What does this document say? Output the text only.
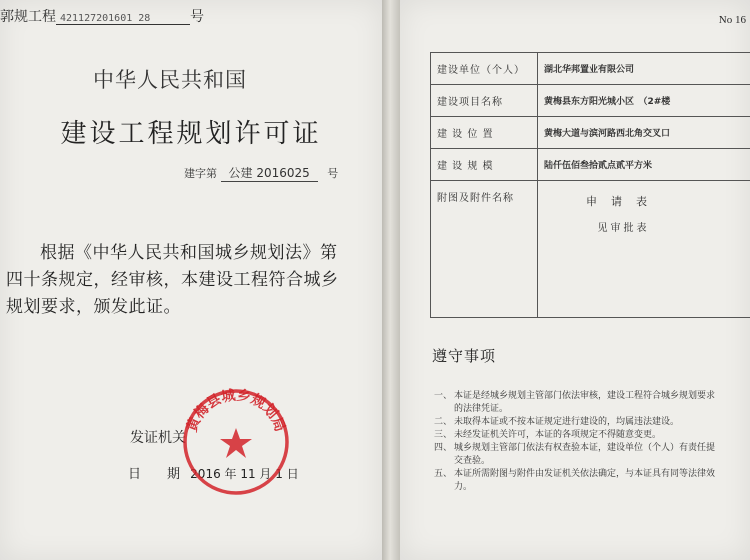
郭规工程 421127201601 28	号
中华人民共和国
建设工程规划许可证
建字第 公建 2016025 号
根据《中华人民共和国城乡规划法》第
四十条规定，经审核，本建设工程符合城乡
规划要求，颁发此证。
发证机关
日 期 2016 年 11 月 1 日
黄梅县城乡规划局
No 16
建设单位（个人）	湖北华邦置业有限公司
建设项目名称	黄梅县东方阳光城小区　（2#楼
建 设 位 置	黄梅大道与滨河路西北角交叉口
建 设 规 模	陆仟伍佰叁拾贰点贰平方米
附图及附件名称	申请表
见审批表
遵守事项
一、 本证是经城乡规划主管部门依法审核，建设工程符合城乡规划要求
的法律凭证。
二、 未取得本证或不按本证规定进行建设的，均属违法建设。
三、 未经发证机关许可，本证的各项规定不得随意变更。
四、 城乡规划主管部门依法有权查验本证，建设单位（个人）有责任提
交查验。
五、 本证所需附图与附件由发证机关依法确定，与本证具有同等法律效
力。
